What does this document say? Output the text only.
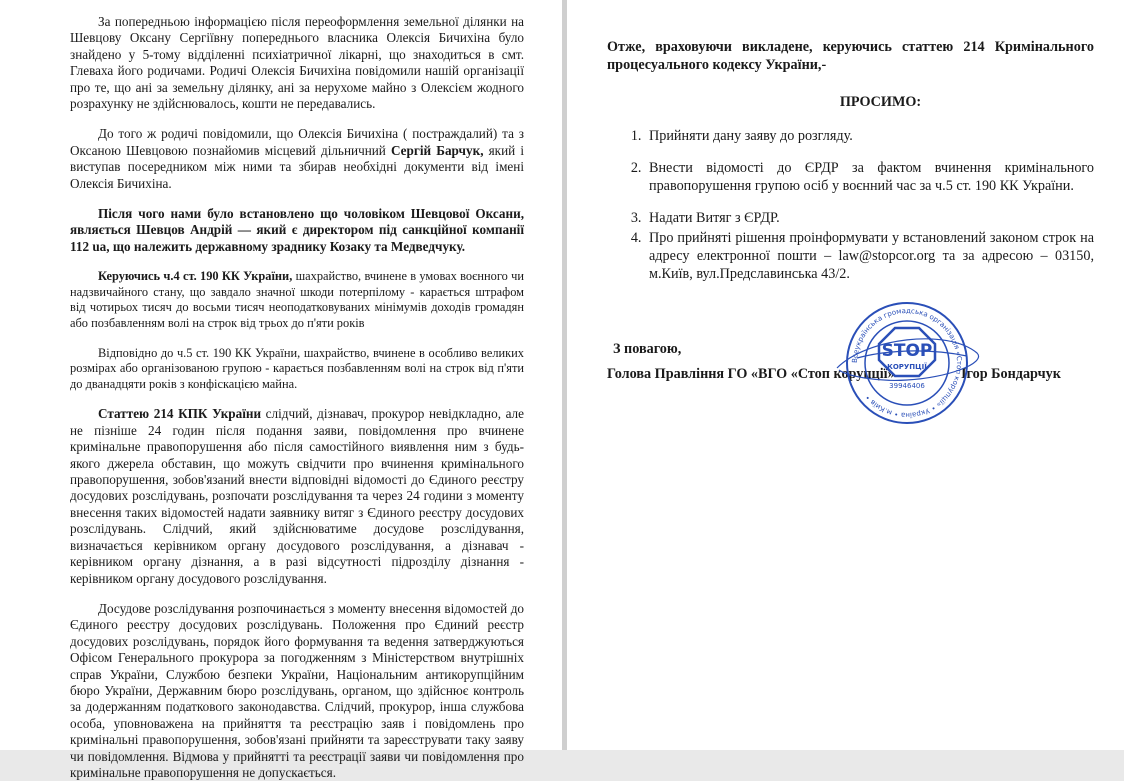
За попередньою інформацією після переоформлення земельної ділянки на Шевцову Оксану Сергіївну попереднього власника Олексія Бичихіна було знайдено у 5-тому відділенні психіатричної лікарні, що знаходиться в смт. Глеваха його родичами. Родичі Олексія Бичихіна повідомили нашій організації про те, що ані за земельну ділянку, ані за нерухоме майно з Олексієм жодного розрахунку не здійснювалось, кошти не передавались.

До того ж родичі повідомили, що Олексія Бичихіна ( постраждалий) та з Оксаною Шевцовою познайомив місцевий дільничний Сергій Барчук, який і виступав посередником між ними та збирав необхідні документи від імені Олексія Бичихіна.

Після чого нами було встановлено що чоловіком Шевцової Оксани, являється Шевцов Андрій — який є директором під санкційної компанії 112 ua, що належить державному зраднику Козаку та Медведчуку.

Керуючись ч.4 ст. 190 КК України, шахрайство, вчинене в умовах воєнного чи надзвичайного стану, що завдало значної шкоди потерпілому - карається штрафом від чотирьох тисяч до восьми тисяч неоподатковуваних мінімумів доходів громадян або позбавленням волі на строк від трьох до п'яти років

Відповідно до ч.5 ст. 190 КК України, шахрайство, вчинене в особливо великих розмірах або організованою групою - карається позбавленням волі на строк від п'яти до дванадцяти років з конфіскацією майна.

Статтею 214 КПК України слідчий, дізнавач, прокурор невідкладно, але не пізніше 24 годин після подання заяви, повідомлення про вчинене кримінальне правопорушення або після самостійного виявлення ним з будь-якого джерела обставин, що можуть свідчити про вчинення кримінального правопорушення, зобов'язаний внести відповідні відомості до Єдиного реєстру досудових розслідувань, розпочати розслідування та через 24 години з моменту внесення таких відомостей надати заявнику витяг з Єдиного реєстру досудових розслідувань. Слідчий, який здійснюватиме досудове розслідування, визначається керівником органу досудового розслідування, а дізнавач - керівником органу дізнання, а в разі відсутності підрозділу дізнання - керівником органу досудового розслідування.

Досудове розслідування розпочинається з моменту внесення відомостей до Єдиного реєстру досудових розслідувань. Положення про Єдиний реєстр досудових розслідувань, порядок його формування та ведення затверджуються Офісом Генерального прокурора за погодженням з Міністерством внутрішніх справ України, Службою безпеки України, Національним антикорупційним бюро України, Державним бюро розслідувань, органом, що здійснює контроль за додержанням податкового законодавства. Слідчий, прокурор, інша службова особа, уповноважена на прийняття та реєстрацію заяв і повідомлень про кримінальні правопорушення, зобов'язані прийняти та зареєструвати таку заяву чи повідомлення. Відмова у прийнятті та реєстрації заяви чи повідомлення про кримінальне правопорушення не допускається.

Отже, враховуючи викладене, керуючись статтею 214 Кримінального процесуального кодексу України,-

ПРОСИМО:
1. Прийняти дану заяву до розгляду.
2. Внести відомості до ЄРДР за фактом вчинення кримінального правопорушення групою осіб у воєнний час за ч.5 ст. 190 КК України.
3. Надати Витяг з ЄРДР.
4. Про прийняті рішення проінформувати у встановлений законом строк на адресу електронної пошти – law@stopcor.org та за адресою – 03150, м.Київ, вул.Предславинська 43/2.

З повагою,

Голова Правління ГО «ВГО «Стоп корупції»	Ігор Бондарчук
Всеукраїнська громадська організація «Стоп корупції» • Україна • м.Київ •
STOP
КОРУПЦІЇ
39946406
